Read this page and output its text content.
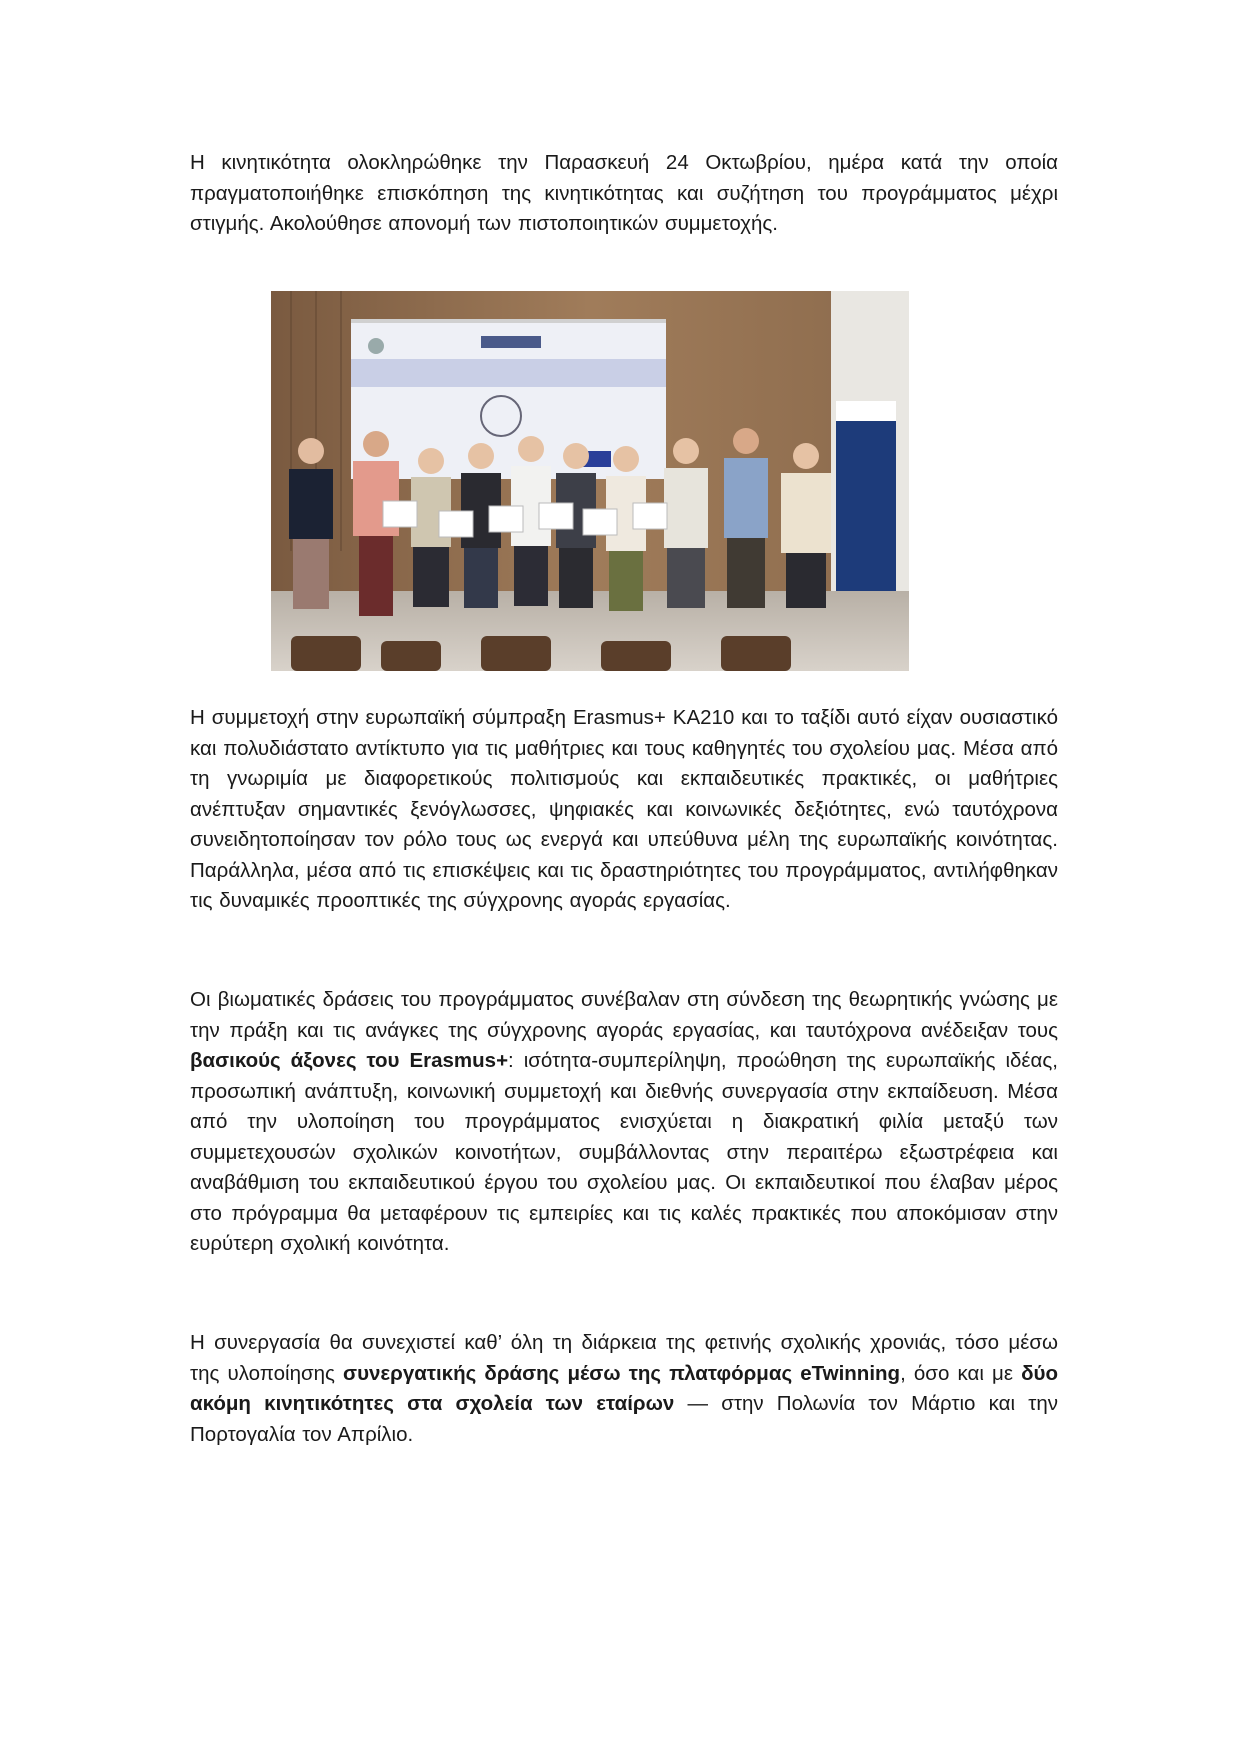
Η κινητικότητα ολοκληρώθηκε την Παρασκευή 24 Οκτωβρίου, ημέρα κατά την οποία πραγματοποιήθηκε επισκόπηση της κινητικότητας και συζήτηση του προγράμματος μέχρι στιγμής. Ακολούθησε απονομή των πιστοποιητικών συμμετοχής.

Η συμμετοχή στην ευρωπαϊκή σύμπραξη Erasmus+ KA210 και το ταξίδι αυτό είχαν ουσιαστικό και πολυδιάστατο αντίκτυπο για τις μαθήτριες και τους καθηγητές του σχολείου μας. Μέσα από τη γνωριμία με διαφορετικούς πολιτισμούς και εκπαιδευτικές πρακτικές, οι μαθήτριες ανέπτυξαν σημαντικές ξενόγλωσσες, ψηφιακές και κοινωνικές δεξιότητες, ενώ ταυτόχρονα συνειδητοποίησαν τον ρόλο τους ως ενεργά και υπεύθυνα μέλη της ευρωπαϊκής κοινότητας. Παράλληλα, μέσα από τις επισκέψεις και τις δραστηριότητες του προγράμματος, αντιλήφθηκαν τις δυναμικές προοπτικές της σύγχρονης αγοράς εργασίας.

Οι βιωματικές δράσεις του προγράμματος συνέβαλαν στη σύνδεση της θεωρητικής γνώσης με την πράξη και τις ανάγκες της σύγχρονης αγοράς εργασίας, και ταυτόχρονα ανέδειξαν τους βασικούς άξονες του Erasmus+: ισότητα-συμπερίληψη, προώθηση της ευρωπαϊκής ιδέας, προσωπική ανάπτυξη, κοινωνική συμμετοχή και διεθνής συνεργασία στην εκπαίδευση. Μέσα από την υλοποίηση του προγράμματος ενισχύεται η διακρατική φιλία μεταξύ των συμμετεχουσών σχολικών κοινοτήτων, συμβάλλοντας στην περαιτέρω εξωστρέφεια και αναβάθμιση του εκπαιδευτικού έργου του σχολείου μας. Οι εκπαιδευτικοί που έλαβαν μέρος στο πρόγραμμα θα μεταφέρουν τις εμπειρίες και τις καλές πρακτικές που αποκόμισαν στην ευρύτερη σχολική κοινότητα.

Η συνεργασία θα συνεχιστεί καθ’ όλη τη διάρκεια της φετινής σχολικής χρονιάς, τόσο μέσω της υλοποίησης συνεργατικής δράσης μέσω της πλατφόρμας eTwinning, όσο και με δύο ακόμη κινητικότητες στα σχολεία των εταίρων — στην Πολωνία τον Μάρτιο και την Πορτογαλία τον Απρίλιο.
